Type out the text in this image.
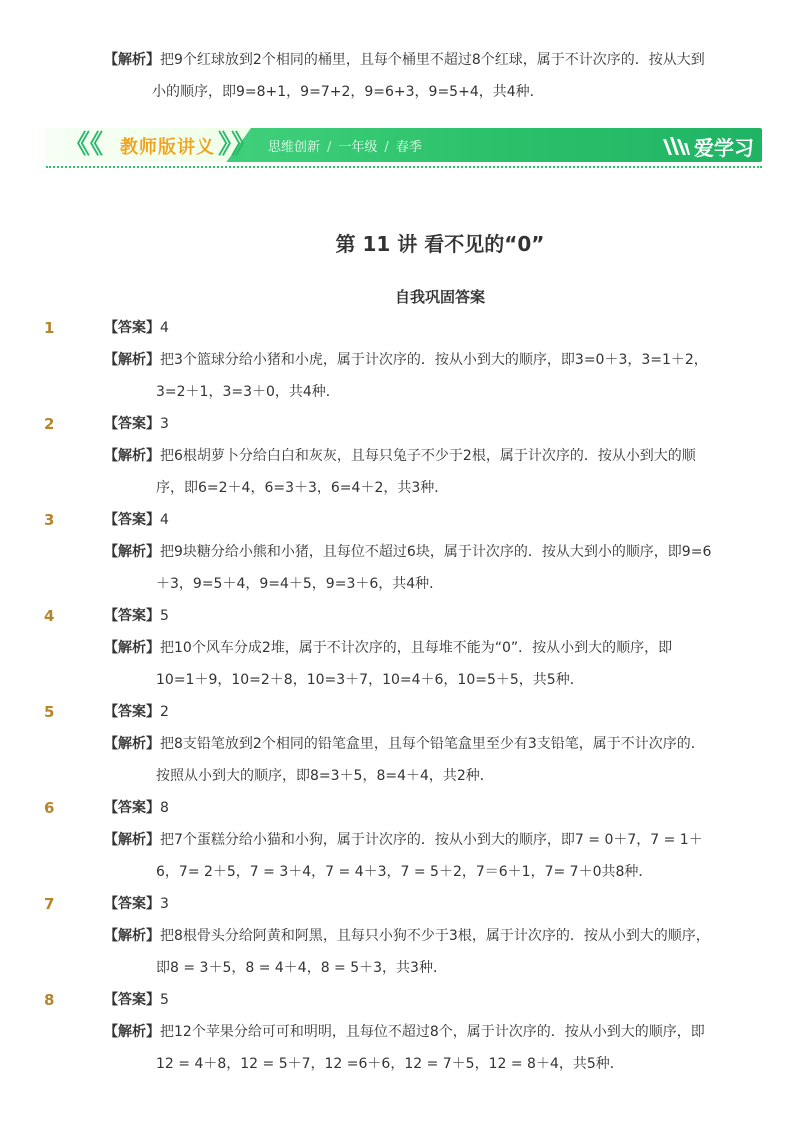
【解析】把9个红球放到2个相同的桶里，且每个桶里不超过8个红球，属于不计次序的．按从大到
小的顺序，即9=8+1，9=7+2，9=6+3，9=5+4，共4种．
《《 教师版讲义 》》 思维创新 / 一年级 / 春季	爱学习
第 11 讲 看不见的“0”
自我巩固答案
1	【答案】4
【解析】把3个篮球分给小猪和小虎，属于计次序的．按从小到大的顺序，即3=0＋3，3=1＋2，
3=2＋1，3=3＋0，共4种．
2	【答案】3
【解析】把6根胡萝卜分给白白和灰灰，且每只兔子不少于2根，属于计次序的．按从小到大的顺
序，即6=2＋4，6=3＋3，6=4＋2，共3种．
3	【答案】4
【解析】把9块糖分给小熊和小猪，且每位不超过6块，属于计次序的．按从大到小的顺序，即9=6
＋3，9=5＋4，9=4＋5，9=3＋6，共4种．
4	【答案】5
【解析】把10个风车分成2堆，属于不计次序的，且每堆不能为“0”．按从小到大的顺序，即
10=1＋9，10=2＋8，10=3＋7，10=4＋6，10=5＋5，共5种．
5	【答案】2
【解析】把8支铅笔放到2个相同的铅笔盒里，且每个铅笔盒里至少有3支铅笔，属于不计次序的．
按照从小到大的顺序，即8=3＋5，8=4＋4，共2种．
6	【答案】8
【解析】把7个蛋糕分给小猫和小狗，属于计次序的．按从小到大的顺序，即7 = 0＋7，7 = 1＋
6，7= 2＋5，7 = 3＋4，7 = 4＋3，7 = 5＋2，7＝6＋1，7= 7＋0共8种．
7	【答案】3
【解析】把8根骨头分给阿黄和阿黑，且每只小狗不少于3根，属于计次序的．按从小到大的顺序，
即8 = 3＋5，8 = 4＋4，8 = 5＋3，共3种．
8	【答案】5
【解析】把12个苹果分给可可和明明，且每位不超过8个，属于计次序的．按从小到大的顺序，即
12 = 4＋8，12 = 5＋7，12 =6＋6，12 = 7＋5，12 = 8＋4，共5种．
